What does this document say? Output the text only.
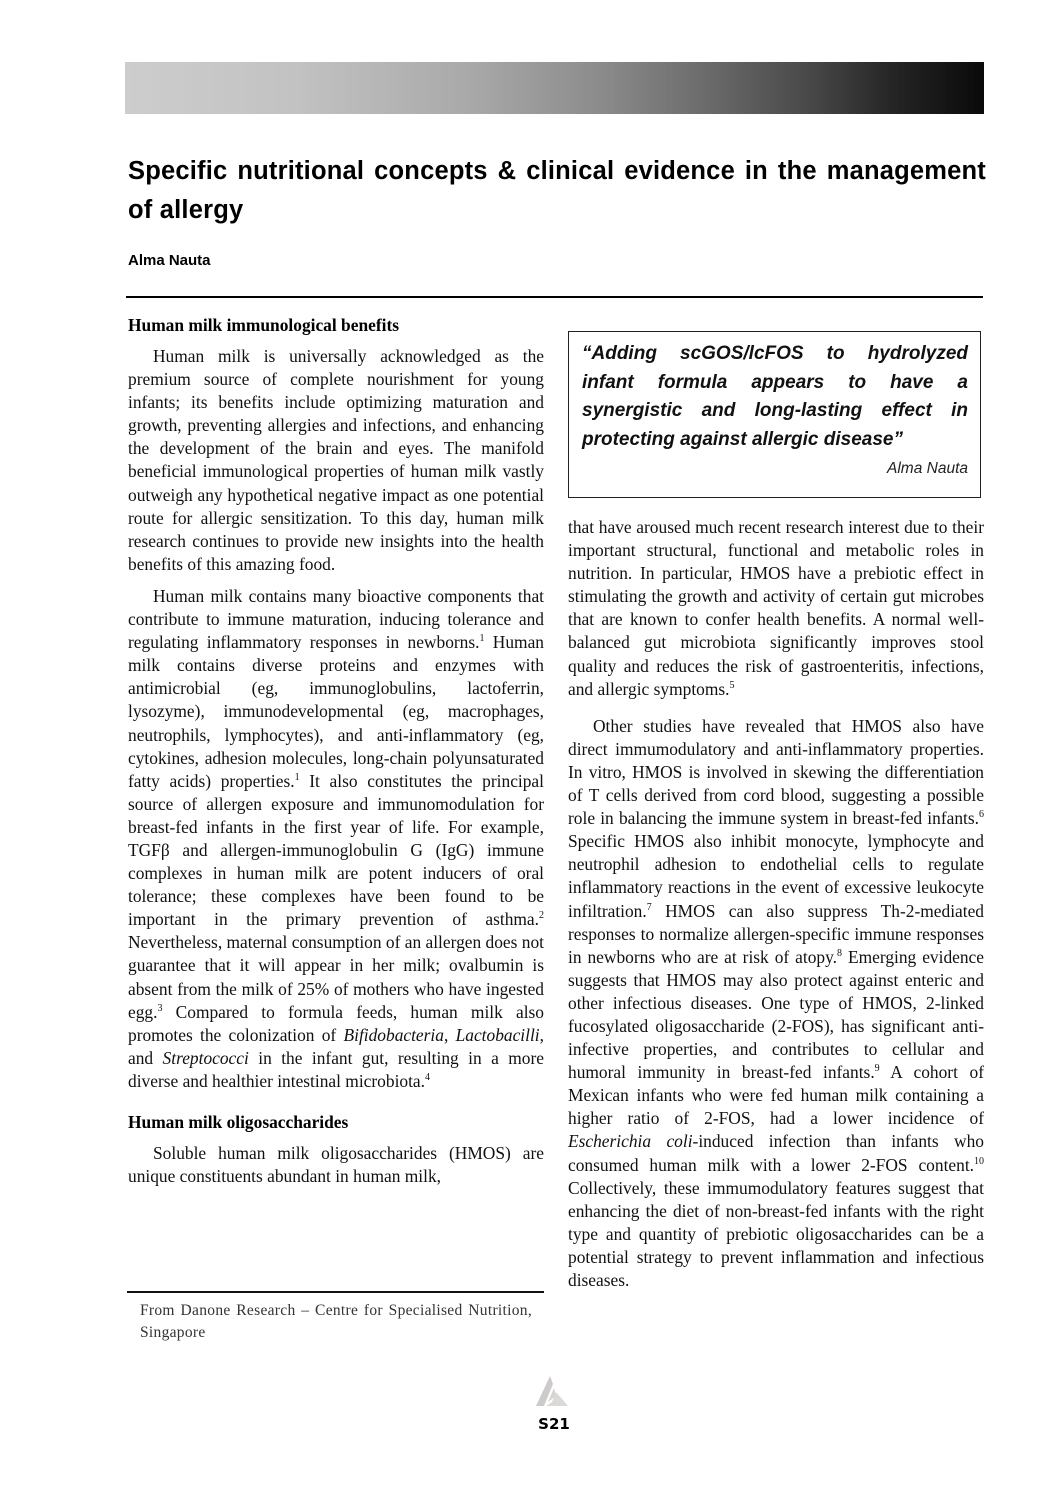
Specific nutritional concepts & clinical evidence in the management of allergy
Alma Nauta
Human milk immunological benefits

Human milk is universally acknowledged as the premium source of complete nourishment for young infants; its benefits include optimizing maturation and growth, preventing allergies and infections, and enhancing the development of the brain and eyes. The manifold beneficial immunological properties of human milk vastly outweigh any hypothetical negative impact as one potential route for allergic sensitization. To this day, human milk research continues to provide new insights into the health benefits of this amazing food.

Human milk contains many bioactive components that contribute to immune maturation, inducing tolerance and regulating inflammatory responses in newborns.$^1$ Human milk contains diverse proteins and enzymes with antimicrobial (eg, immunoglobulins, lactoferrin, lysozyme), immunodevelopmental (eg, macrophages, neutrophils, lymphocytes), and anti-inflammatory (eg, cytokines, adhesion molecules, long-chain polyunsaturated fatty acids) properties.$^1$ It also constitutes the principal source of allergen exposure and immunomodulation for breast-fed infants in the first year of life. For example, TGFβ and allergen-immunoglobulin G (IgG) immune complexes in human milk are potent inducers of oral tolerance; these complexes have been found to be important in the primary prevention of asthma.$^2$ Nevertheless, maternal consumption of an allergen does not guarantee that it will appear in her milk; ovalbumin is absent from the milk of 25% of mothers who have ingested egg.$^3$ Compared to formula feeds, human milk also promotes the colonization of Bifidobacteria, Lactobacilli, and Streptococci in the infant gut, resulting in a more diverse and healthier intestinal microbiota.$^4$

Human milk oligosaccharides

Soluble human milk oligosaccharides (HMOS) are unique constituents abundant in human milk,

“Adding scGOS/lcFOS to hydrolyzed infant formula appears to have a synergistic and long-lasting effect in protecting against allergic disease”
Alma Nauta

that have aroused much recent research interest due to their important structural, functional and metabolic roles in nutrition. In particular, HMOS have a prebiotic effect in stimulating the growth and activity of certain gut microbes that are known to confer health benefits. A normal well-balanced gut microbiota significantly improves stool quality and reduces the risk of gastroenteritis, infections, and allergic symptoms.$^5$

Other studies have revealed that HMOS also have direct immumodulatory and anti-inflammatory properties. In vitro, HMOS is involved in skewing the differentiation of T cells derived from cord blood, suggesting a possible role in balancing the immune system in breast-fed infants.$^6$ Specific HMOS also inhibit monocyte, lymphocyte and neutrophil adhesion to endothelial cells to regulate inflammatory reactions in the event of excessive leukocyte infiltration.$^7$ HMOS can also suppress Th-2-mediated responses to normalize allergen-specific immune responses in newborns who are at risk of atopy.$^8$ Emerging evidence suggests that HMOS may also protect against enteric and other infectious diseases. One type of HMOS, 2-linked fucosylated oligosaccharide (2-FOS), has significant anti-infective properties, and contributes to cellular and humoral immunity in breast-fed infants.$^9$ A cohort of Mexican infants who were fed human milk containing a higher ratio of 2-FOS, had a lower incidence of Escherichia coli-induced infection than infants who consumed human milk with a lower 2-FOS content.$^{10}$ Collectively, these immumodulatory features suggest that enhancing the diet of non-breast-fed infants with the right type and quantity of prebiotic oligosaccharides can be a potential strategy to prevent inflammation and infectious diseases.

From Danone Research – Centre for Specialised Nutrition, Singapore
S21
